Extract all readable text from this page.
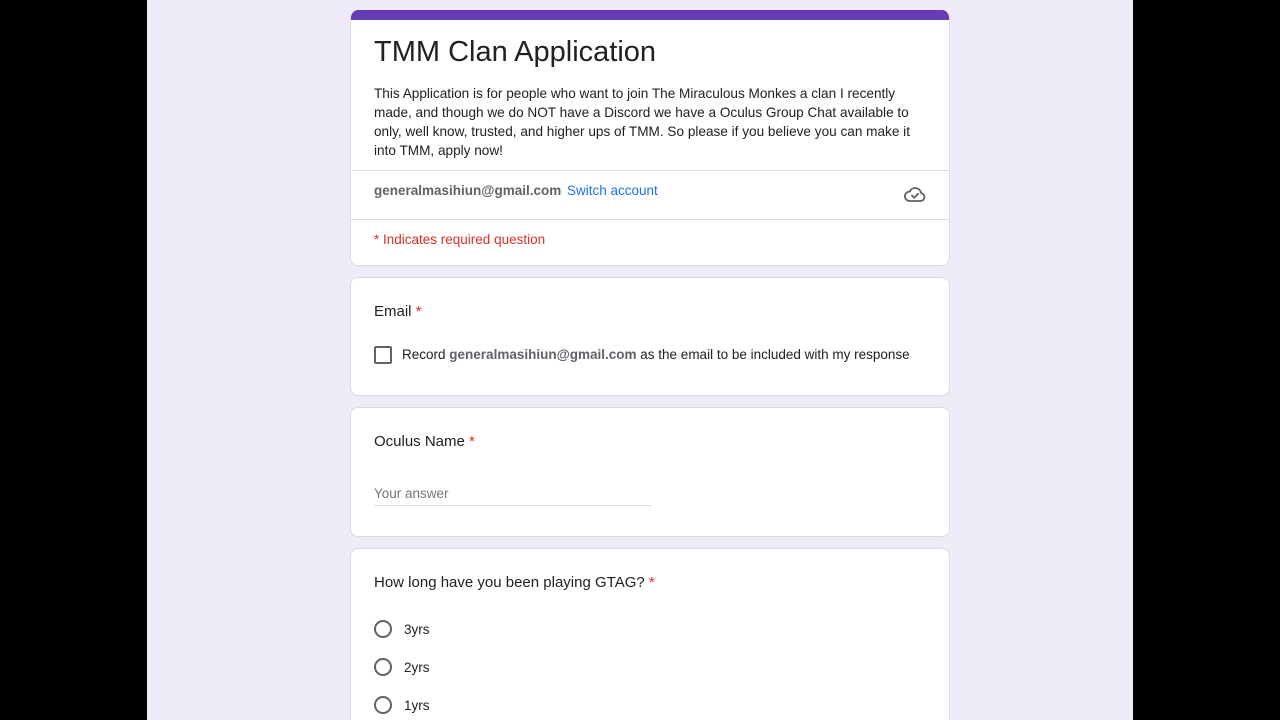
TMM Clan Application
This Application is for people who want to join The Miraculous Monkes a clan I recently made, and though we do NOT have a Discord we have a Oculus Group Chat available to only, well know, trusted, and higher ups of TMM. So please if you believe you can make it into TMM, apply now!
generalmasihiun@gmail.com Switch account
* Indicates required question
Email *
Record generalmasihiun@gmail.com as the email to be included with my response
Oculus Name *
Your answer
How long have you been playing GTAG? *
3yrs
2yrs
1yrs
